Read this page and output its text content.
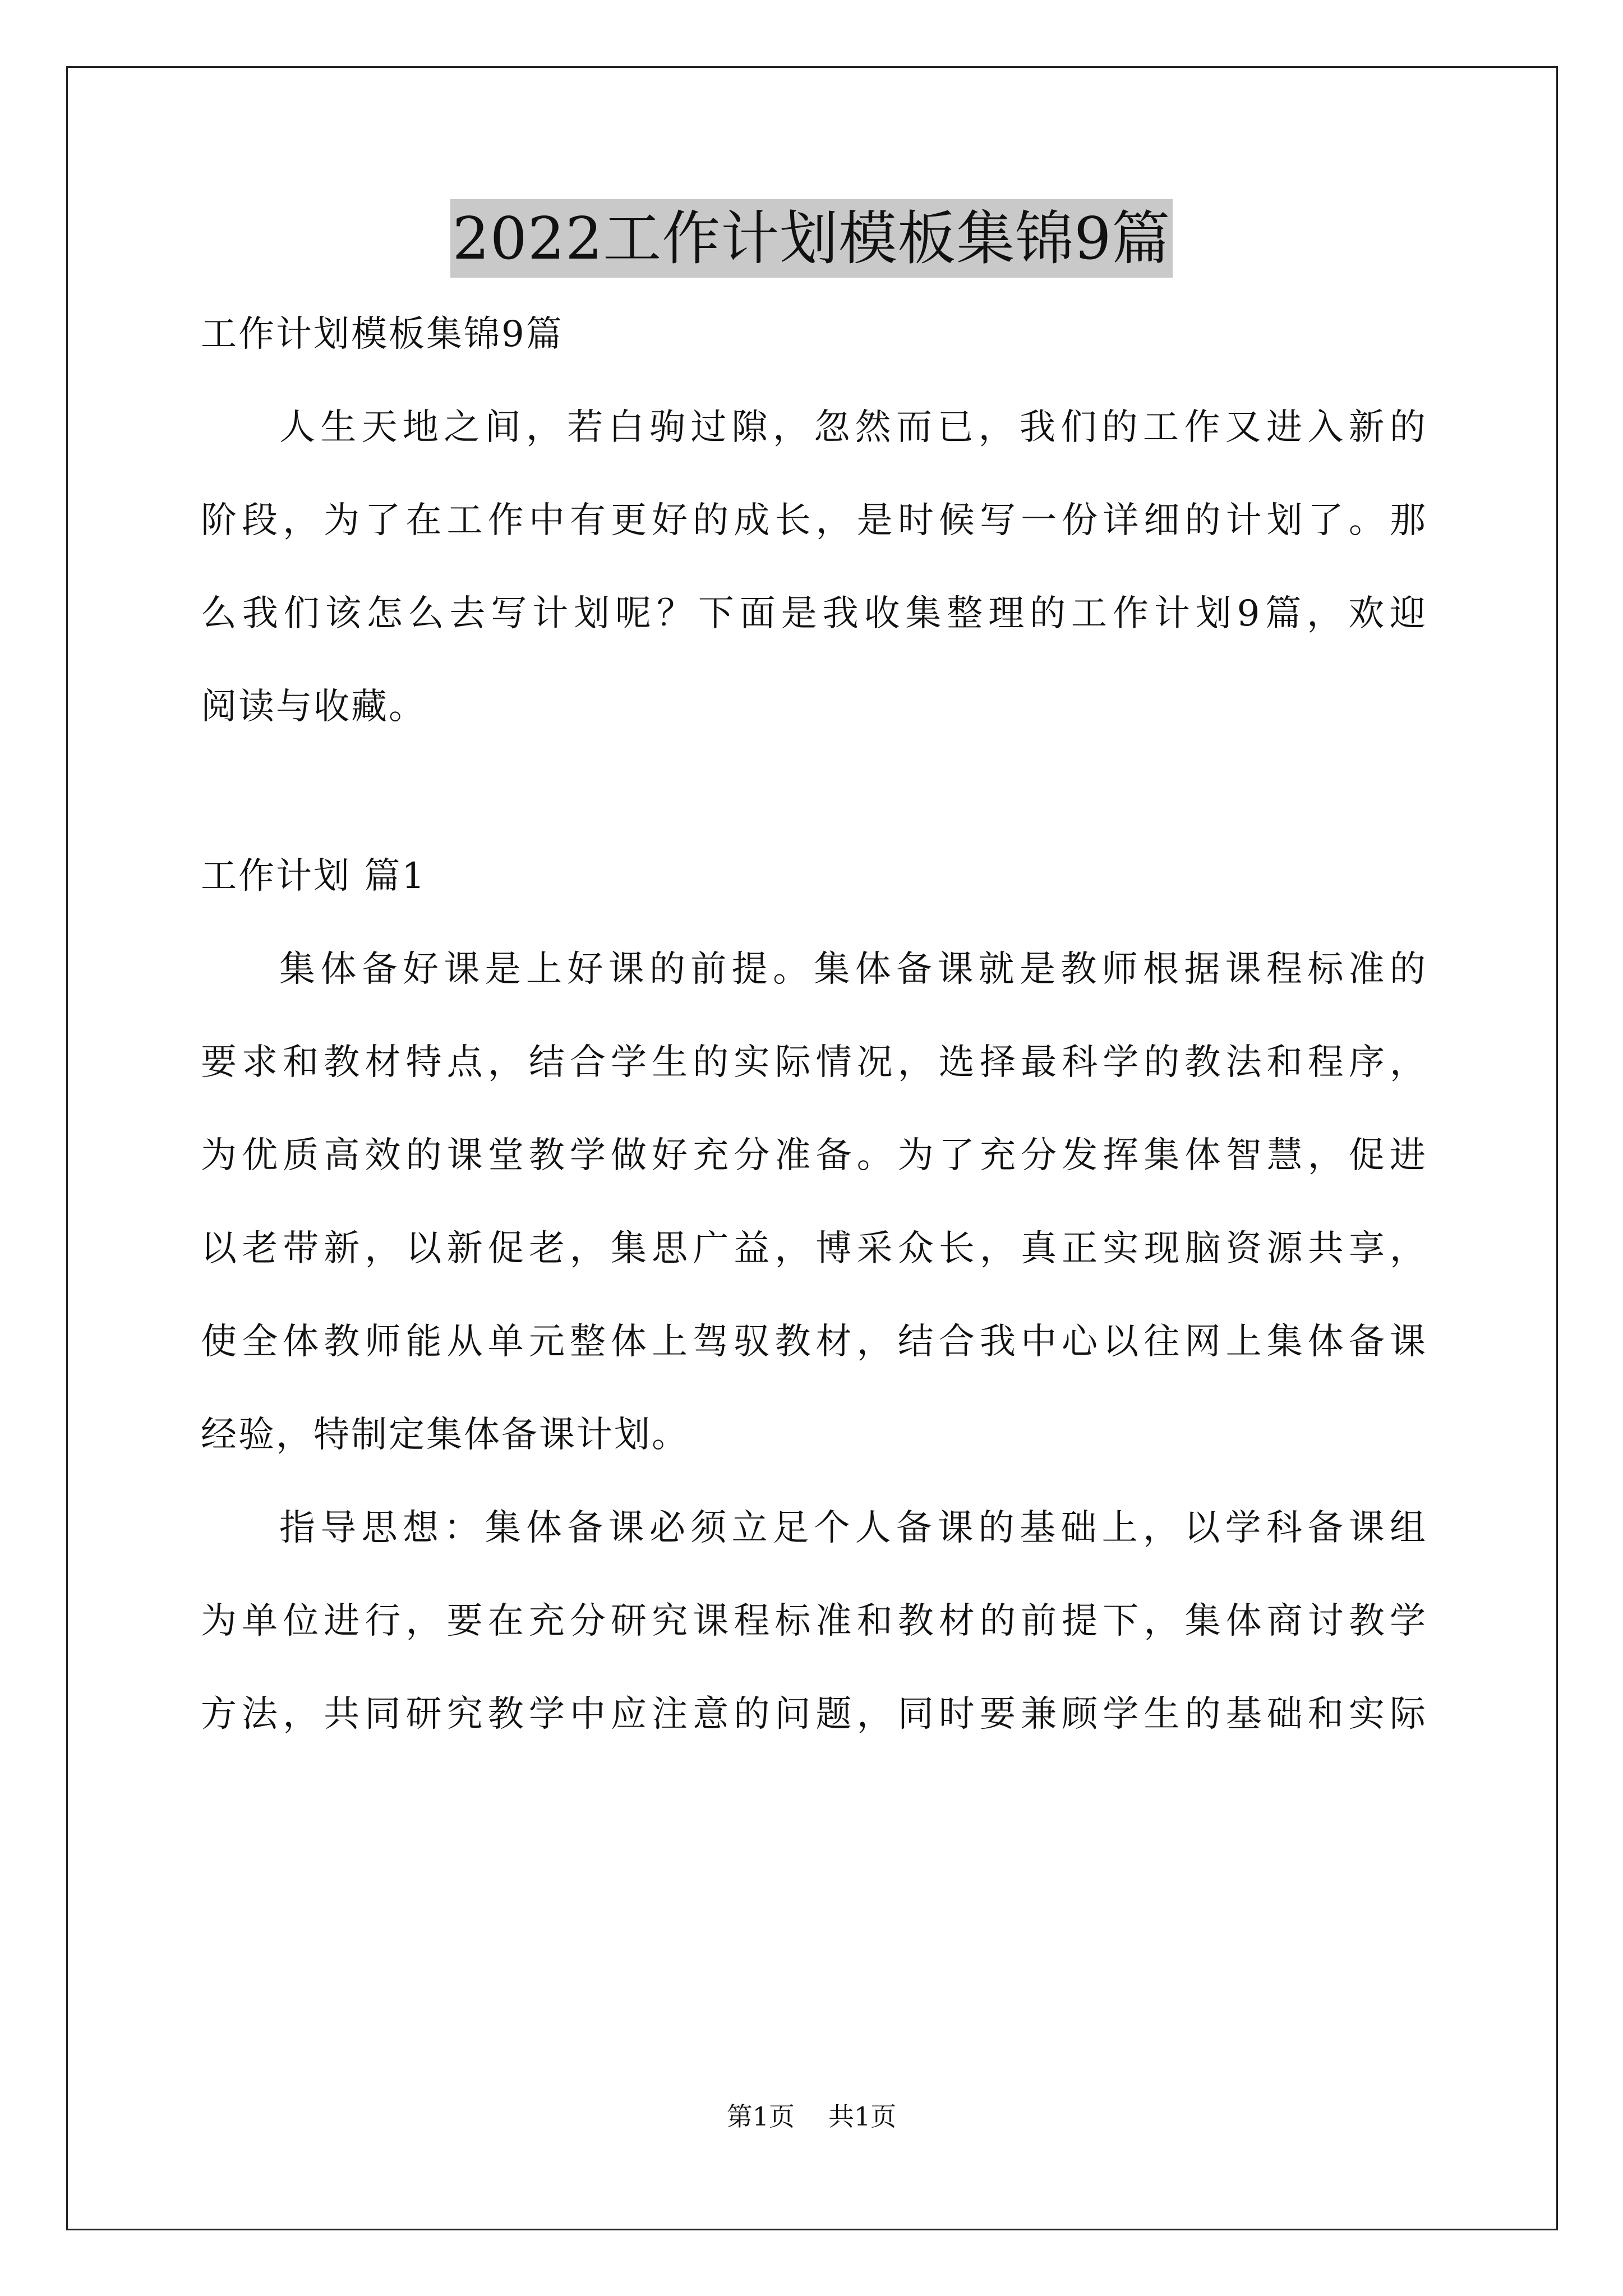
2022工作计划模板集锦9篇
工作计划模板集锦9篇
人生天地之间，若白驹过隙，忽然而已，我们的工作又进入新的
阶段，为了在工作中有更好的成长，是时候写一份详细的计划了。那
么我们该怎么去写计划呢？下面是我收集整理的工作计划9篇，欢迎
阅读与收藏。
工作计划 篇1
集体备好课是上好课的前提。集体备课就是教师根据课程标准的
要求和教材特点，结合学生的实际情况，选择最科学的教法和程序，
为优质高效的课堂教学做好充分准备。为了充分发挥集体智慧，促进
以老带新，以新促老，集思广益，博采众长，真正实现脑资源共享，
使全体教师能从单元整体上驾驭教材，结合我中心以往网上集体备课
经验，特制定集体备课计划。
指导思想：集体备课必须立足个人备课的基础上，以学科备课组
为单位进行，要在充分研究课程标准和教材的前提下，集体商讨教学
方法，共同研究教学中应注意的问题，同时要兼顾学生的基础和实际
第1页 共1页
